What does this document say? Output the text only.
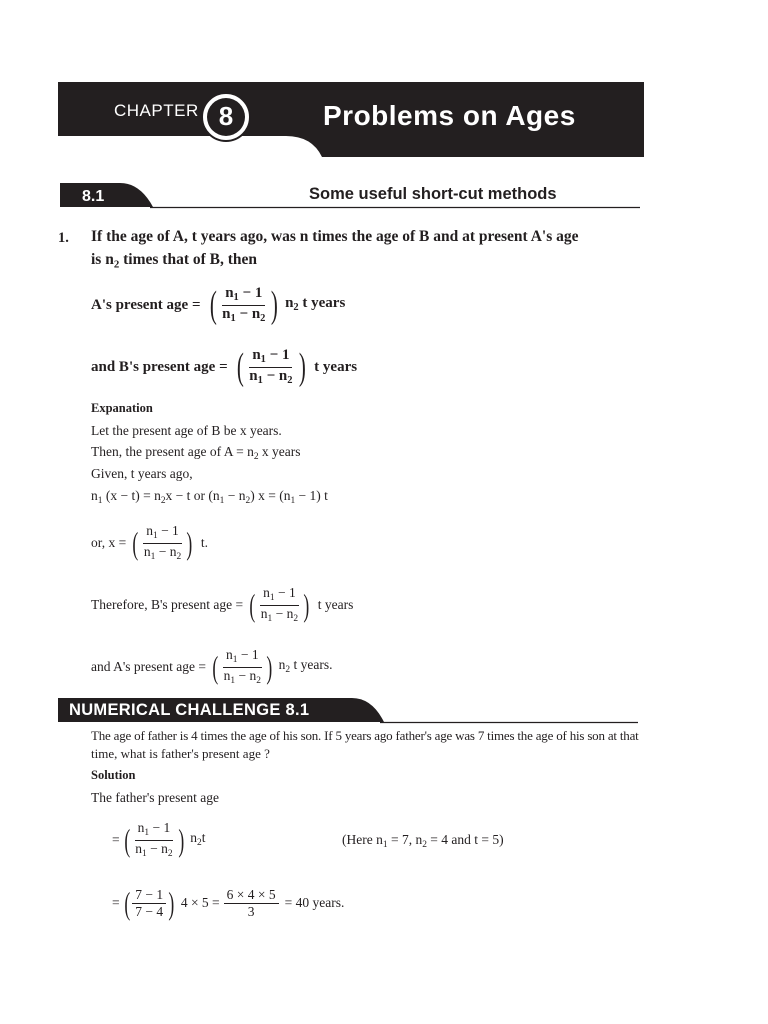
CHAPTER 8	Problems on Ages
8.1	Some useful short-cut methods
1. If the age of A, t years ago, was n times the age of B and at present A's age
is $n_2$ times that of B, then
A's present age = ( $\frac{n_1 - 1}{n_1 - n_2}$ ) $n_2$ t years
and B's present age = ( $\frac{n_1 - 1}{n_1 - n_2}$ ) t years
Expanation
Let the present age of B be x years.
Then, the present age of $A = n_2$ x years
Given, t years ago,
$n_1$ $(x - t) = n_2x - t$ or $(n_1 - n_2) x = (n_1 - 1)$ t
or, x = ( $\frac{n_1 - 1}{n_1 - n_2}$ ) t.
Therefore, B's present age = ( $\frac{n_1 - 1}{n_1 - n_2}$ ) t years
and A's present age = ( $\frac{n_1 - 1}{n_1 - n_2}$ ) $n_2$ t years.
NUMERICAL CHALLENGE 8.1
The age of father is 4 times the age of his son. If 5 years ago father's age was 7 times the age of his son at that
time, what is father's present age ?
Solution
The father's present age
= ( $\frac{n_1 - 1}{n_1 - n_2}$ ) $n_2t$	(Here $n_1 = 7$, $n_2 = 4$ and t = 5)
= ( $\frac{7 - 1}{7 - 4}$ ) $4 \times 5 = \frac{6 \times 4 \times 5}{3} = 40$ years.
